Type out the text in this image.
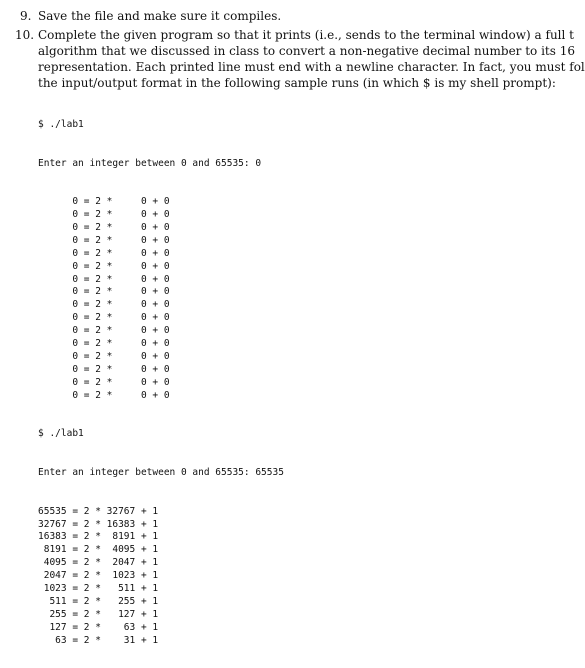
9. Save the file and make sure it compiles.
10. Complete the given program so that it prints (i.e., sends to the terminal window) a full t
algorithm that we discussed in class to convert a non-negative decimal number to its 16
representation. Each printed line must end with a newline character. In fact, you must fol
the input/output format in the following sample runs (in which $ is my shell prompt):

$ ./lab1

Enter an integer between 0 and 65535: 0

0 = 2 *     0 + 0
0 = 2 *     0 + 0
0 = 2 *     0 + 0
0 = 2 *     0 + 0
0 = 2 *     0 + 0
0 = 2 *     0 + 0
0 = 2 *     0 + 0
0 = 2 *     0 + 0
0 = 2 *     0 + 0
0 = 2 *     0 + 0
0 = 2 *     0 + 0
0 = 2 *     0 + 0
0 = 2 *     0 + 0
0 = 2 *     0 + 0
0 = 2 *     0 + 0
0 = 2 *     0 + 0

$ ./lab1

Enter an integer between 0 and 65535: 65535

65535 = 2 * 32767 + 1
32767 = 2 * 16383 + 1
16383 = 2 *  8191 + 1
8191 = 2 *  4095 + 1
4095 = 2 *  2047 + 1
2047 = 2 *  1023 + 1
1023 = 2 *   511 + 1
511 = 2 *   255 + 1
255 = 2 *   127 + 1
127 = 2 *    63 + 1
63 = 2 *    31 + 1
